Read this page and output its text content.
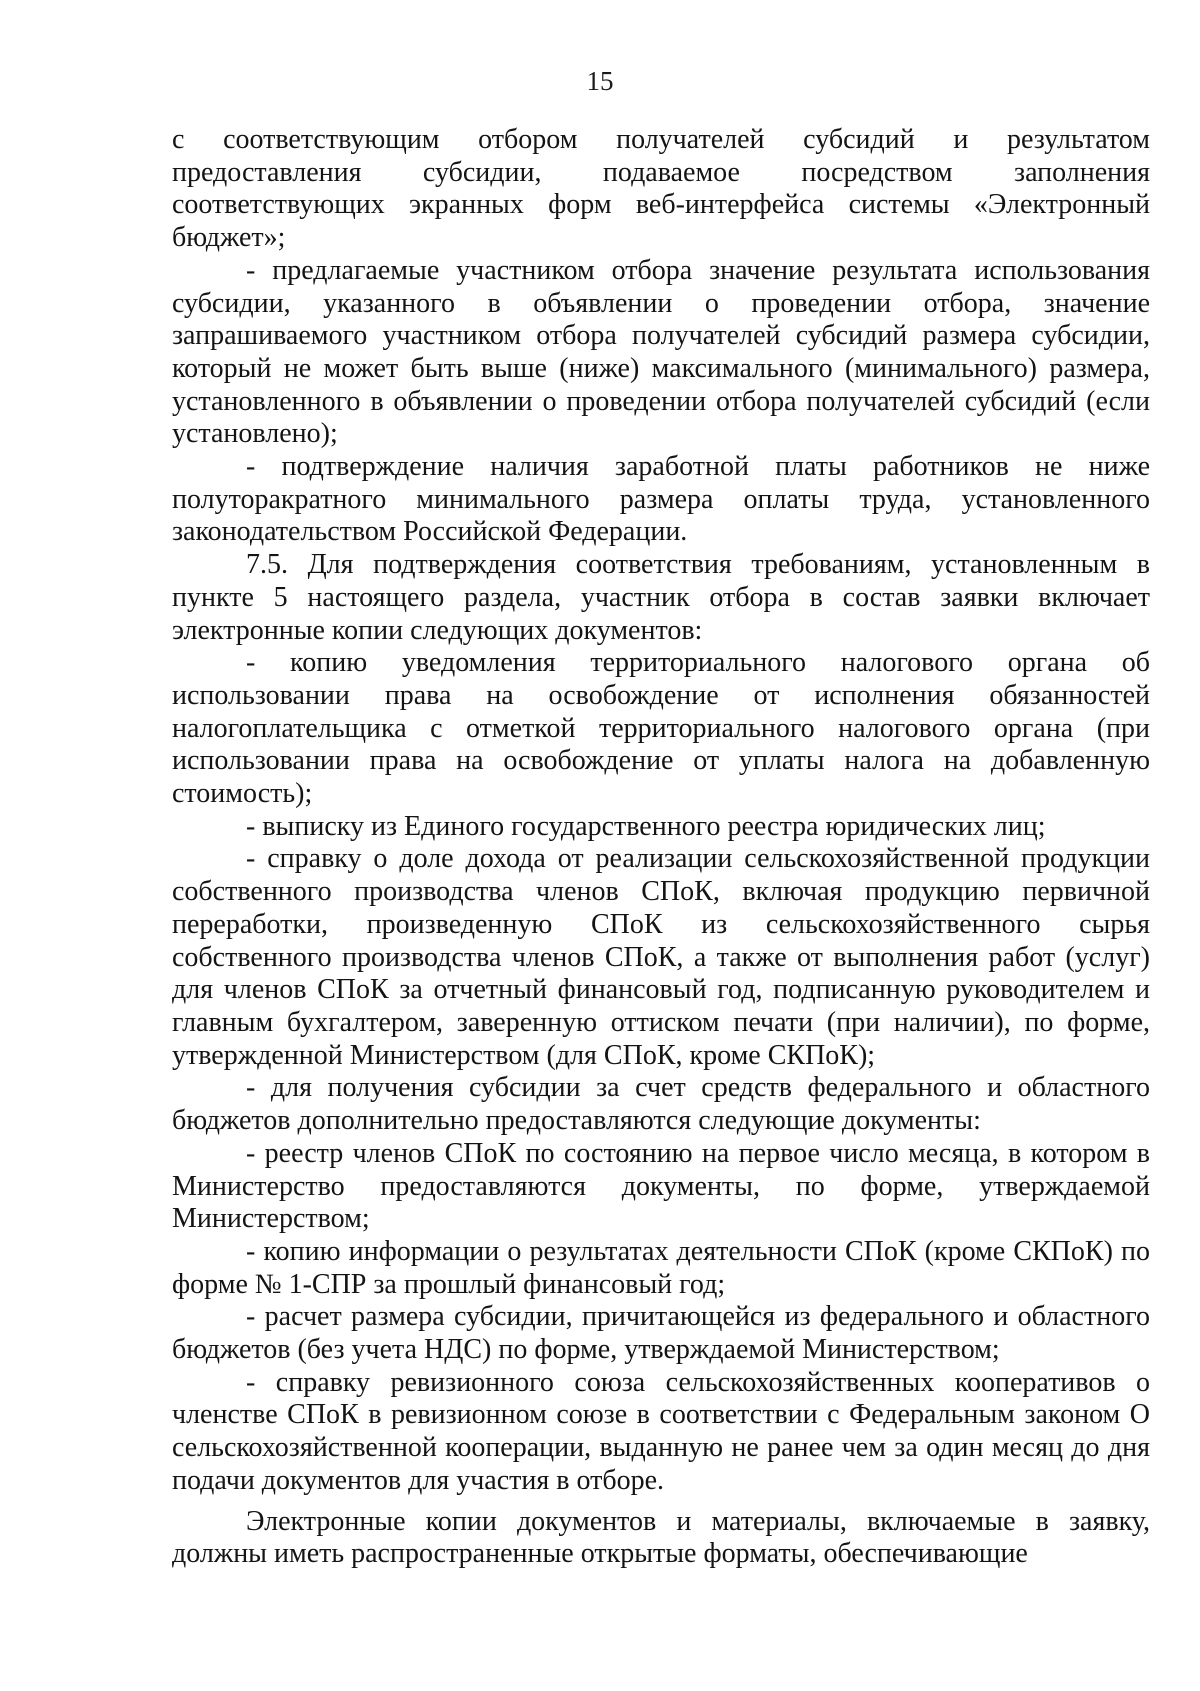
15

с соответствующим отбором получателей субсидий и результатом предоставления субсидии, подаваемое посредством заполнения соответствующих экранных форм веб-интерфейса системы «Электронный бюджет»;

- предлагаемые участником отбора значение результата использования субсидии, указанного в объявлении о проведении отбора, значение запрашиваемого участником отбора получателей субсидий размера субсидии, который не может быть выше (ниже) максимального (минимального) размера, установленного в объявлении о проведении отбора получателей субсидий (если установлено);

- подтверждение наличия заработной платы работников не ниже полуторакратного минимального размера оплаты труда, установленного законодательством Российской Федерации.

7.5. Для подтверждения соответствия требованиям, установленным в пункте 5 настоящего раздела, участник отбора в состав заявки включает электронные копии следующих документов:

- копию уведомления территориального налогового органа об использовании права на освобождение от исполнения обязанностей налогоплательщика с отметкой территориального налогового органа (при использовании права на освобождение от уплаты налога на добавленную стоимость);

- выписку из Единого государственного реестра юридических лиц;

- справку о доле дохода от реализации сельскохозяйственной продукции собственного производства членов СПоК, включая продукцию первичной переработки, произведенную СПоК из сельскохозяйственного сырья собственного производства членов СПоК, а также от выполнения работ (услуг) для членов СПоК за отчетный финансовый год, подписанную руководителем и главным бухгалтером, заверенную оттиском печати (при наличии), по форме, утвержденной Министерством (для СПоК, кроме СКПоК);

- для получения субсидии за счет средств федерального и областного бюджетов дополнительно предоставляются следующие документы:

- реестр членов СПоК по состоянию на первое число месяца, в котором в Министерство предоставляются документы, по форме, утверждаемой Министерством;

- копию информации о результатах деятельности СПоК (кроме СКПоК) по форме № 1-СПР за прошлый финансовый год;

- расчет размера субсидии, причитающейся из федерального и областного бюджетов (без учета НДС) по форме, утверждаемой Министерством;

- справку ревизионного союза сельскохозяйственных кооперативов о членстве СПоК в ревизионном союзе в соответствии с Федеральным законом О сельскохозяйственной кооперации, выданную не ранее чем за один месяц до дня подачи документов для участия в отборе.

Электронные копии документов и материалы, включаемые в заявку, должны иметь распространенные открытые форматы, обеспечивающие
